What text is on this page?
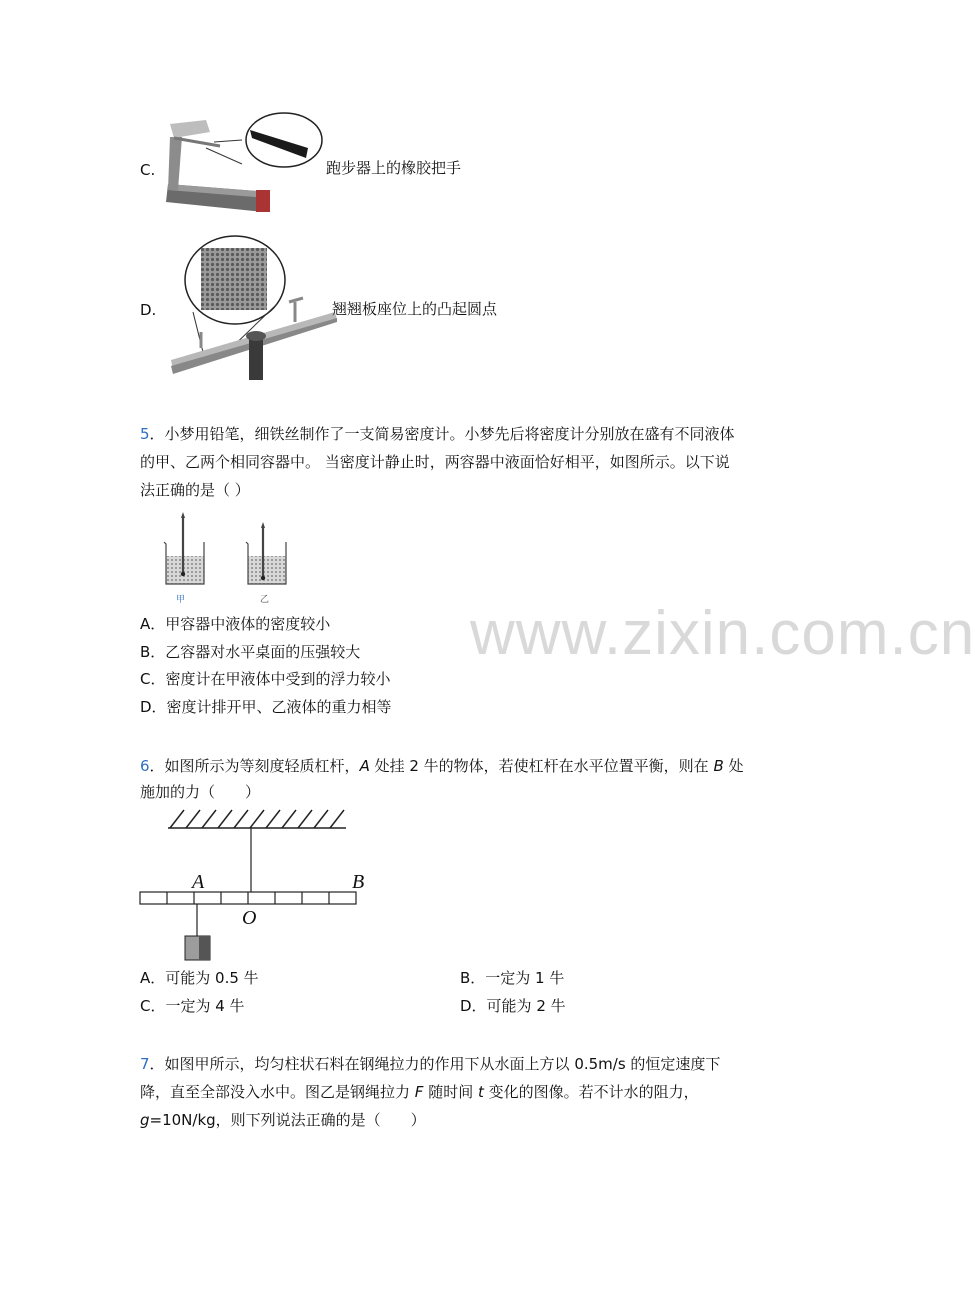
www.zixin.com.cn
C.	跑步器上的橡胶把手
D.	翘翘板座位上的凸起圆点
5．小梦用铅笔，细铁丝制作了一支简易密度计。小梦先后将密度计分别放在盛有不同液体
的甲、乙两个相同容器中。 当密度计静止时，两容器中液面恰好相平，如图所示。以下说
法正确的是（ ）
甲	乙
A．甲容器中液体的密度较小
B．乙容器对水平桌面的压强较大
C．密度计在甲液体中受到的浮力较小
D．密度计排开甲、乙液体的重力相等
6．如图所示为等刻度轻质杠杆，A 处挂 2 牛的物体，若使杠杆在水平位置平衡，则在 B 处
施加的力（　　）
A	B
O
A．可能为 0.5 牛	B．一定为 1 牛
C．一定为 4 牛	D．可能为 2 牛
7．如图甲所示，均匀柱状石料在钢绳拉力的作用下从水面上方以 0.5m/s 的恒定速度下
降，直至全部没入水中。图乙是钢绳拉力 F 随时间 t 变化的图像。若不计水的阻力，
g=10N/kg，则下列说法正确的是（　　）
